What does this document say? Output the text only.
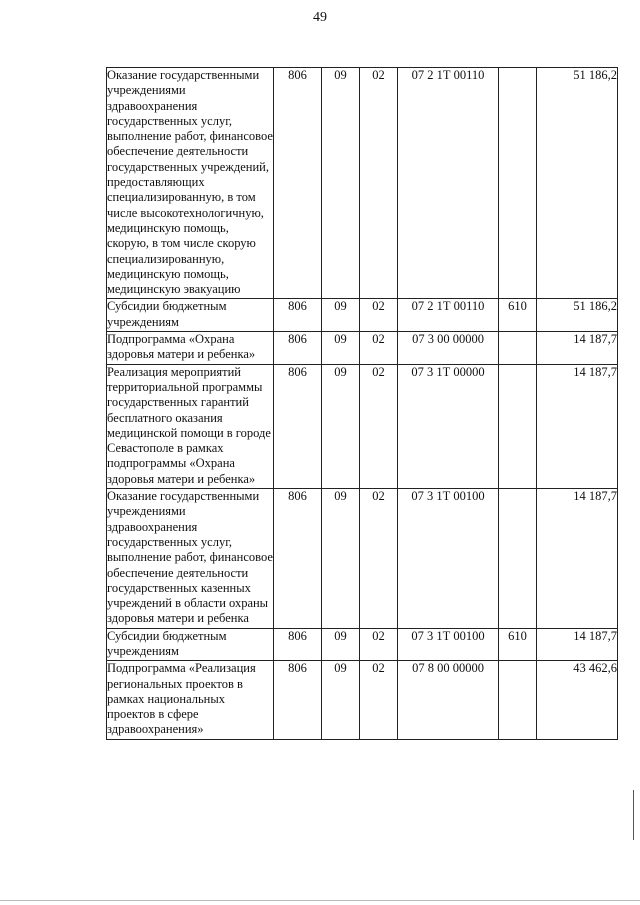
49
Оказание государственными учреждениями здравоохранения государственных услуг, выполнение работ, финансовое обеспечение деятельности государственных учреждений, предоставляющих специализированную, в том числе высокотехнологичную, медицинскую помощь, скорую, в том числе скорую специализированную, медицинскую помощь, медицинскую эвакуацию	806	09	02	07 2 1Т 00110		51 186,2
Субсидии бюджетным учреждениям	806	09	02	07 2 1Т 00110	610	51 186,2
Подпрограмма «Охрана здоровья матери и ребенка»	806	09	02	07 3 00 00000		14 187,7
Реализация мероприятий территориальной программы государственных гарантий бесплатного оказания медицинской помощи в городе Севастополе в рамках подпрограммы «Охрана здоровья матери и ребенка»	806	09	02	07 3 1Т 00000		14 187,7
Оказание государственными учреждениями здравоохранения государственных услуг, выполнение работ, финансовое обеспечение деятельности государственных казенных учреждений в области охраны здоровья матери и ребенка	806	09	02	07 3 1Т 00100		14 187,7
Субсидии бюджетным учреждениям	806	09	02	07 3 1Т 00100	610	14 187,7
Подпрограмма «Реализация региональных проектов в рамках национальных проектов в сфере здравоохранения»	806	09	02	07 8 00 00000		43 462,6
